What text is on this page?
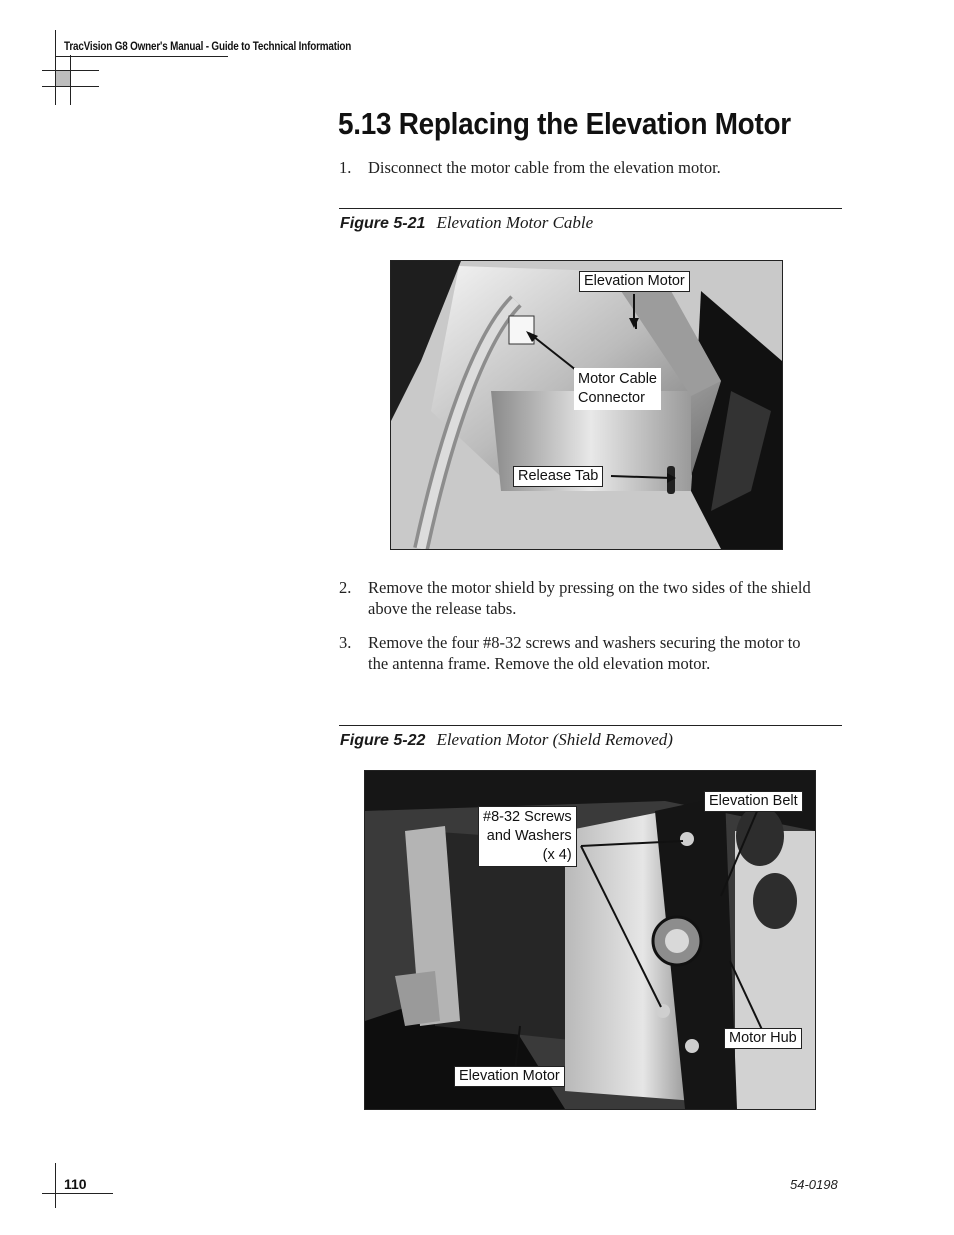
TracVision G8 Owner's Manual - Guide to Technical Information
5.13 Replacing the Elevation Motor
1. Disconnect the motor cable from the elevation motor.
Figure 5-21 Elevation Motor Cable
Elevation Motor
Motor Cable
Connector
Release Tab
2. Remove the motor shield by pressing on the two sides of the shield above the release tabs.
3. Remove the four #8-32 screws and washers securing the motor to the antenna frame. Remove the old elevation motor.
Figure 5-22 Elevation Motor (Shield Removed)
#8-32 Screws
and Washers
(x 4)
Elevation Belt
Motor Hub
Elevation Motor
110	54-0198
